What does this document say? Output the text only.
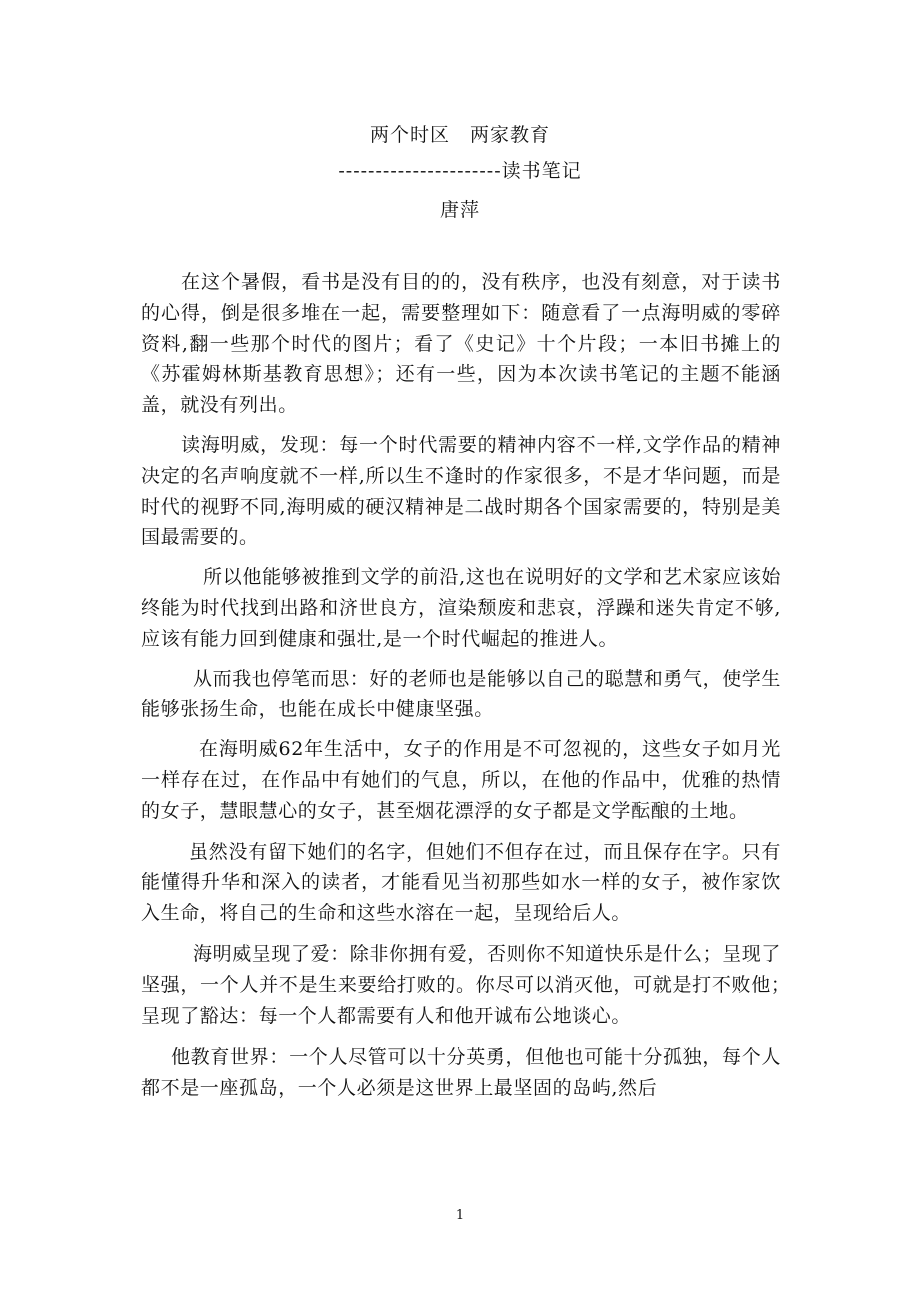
两个时区　两家教育
----------------------读书笔记
唐萍

在这个暑假，看书是没有目的的，没有秩序，也没有刻意，对于读书的心得，倒是很多堆在一起，需要整理如下：随意看了一点海明威的零碎资料,翻一些那个时代的图片；看了《史记》十个片段；一本旧书摊上的《苏霍姆林斯基教育思想》；还有一些，因为本次读书笔记的主题不能涵盖，就没有列出。

读海明威，发现：每一个时代需要的精神内容不一样,文学作品的精神决定的名声响度就不一样,所以生不逢时的作家很多，不是才华问题，而是时代的视野不同,海明威的硬汉精神是二战时期各个国家需要的，特别是美国最需要的。

所以他能够被推到文学的前沿,这也在说明好的文学和艺术家应该始终能为时代找到出路和济世良方，渲染颓废和悲哀，浮躁和迷失肯定不够,应该有能力回到健康和强壮,是一个时代崛起的推进人。

从而我也停笔而思：好的老师也是能够以自己的聪慧和勇气，使学生能够张扬生命，也能在成长中健康坚强。

在海明威62年生活中，女子的作用是不可忽视的，这些女子如月光一样存在过，在作品中有她们的气息，所以，在他的作品中，优雅的热情的女子，慧眼慧心的女子，甚至烟花漂浮的女子都是文学酝酿的土地。

虽然没有留下她们的名字，但她们不但存在过，而且保存在字。只有能懂得升华和深入的读者，才能看见当初那些如水一样的女子，被作家饮入生命，将自己的生命和这些水溶在一起，呈现给后人。

海明威呈现了爱：除非你拥有爱，否则你不知道快乐是什么；呈现了坚强，一个人并不是生来要给打败的。你尽可以消灭他，可就是打不败他；　呈现了豁达：每一个人都需要有人和他开诚布公地谈心。

他教育世界：一个人尽管可以十分英勇，但他也可能十分孤独，每个人都不是一座孤岛，一个人必须是这世界上最坚固的岛屿,然后

1
